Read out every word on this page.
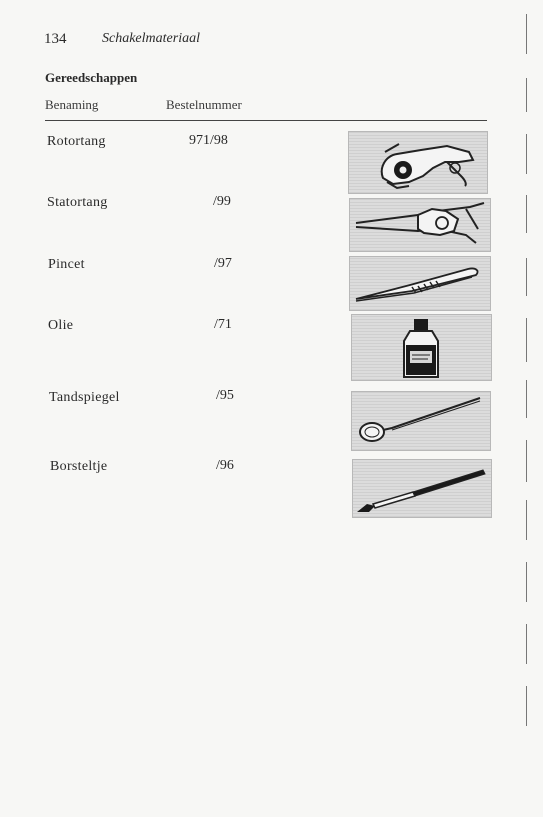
134	Schakelmateriaal
Gereedschappen
Benaming	Bestelnummer
Rotortang	971/98
Statortang	/99
Pincet	/97
Olie	/71
Tandspiegel	/95
Borsteltje	/96
